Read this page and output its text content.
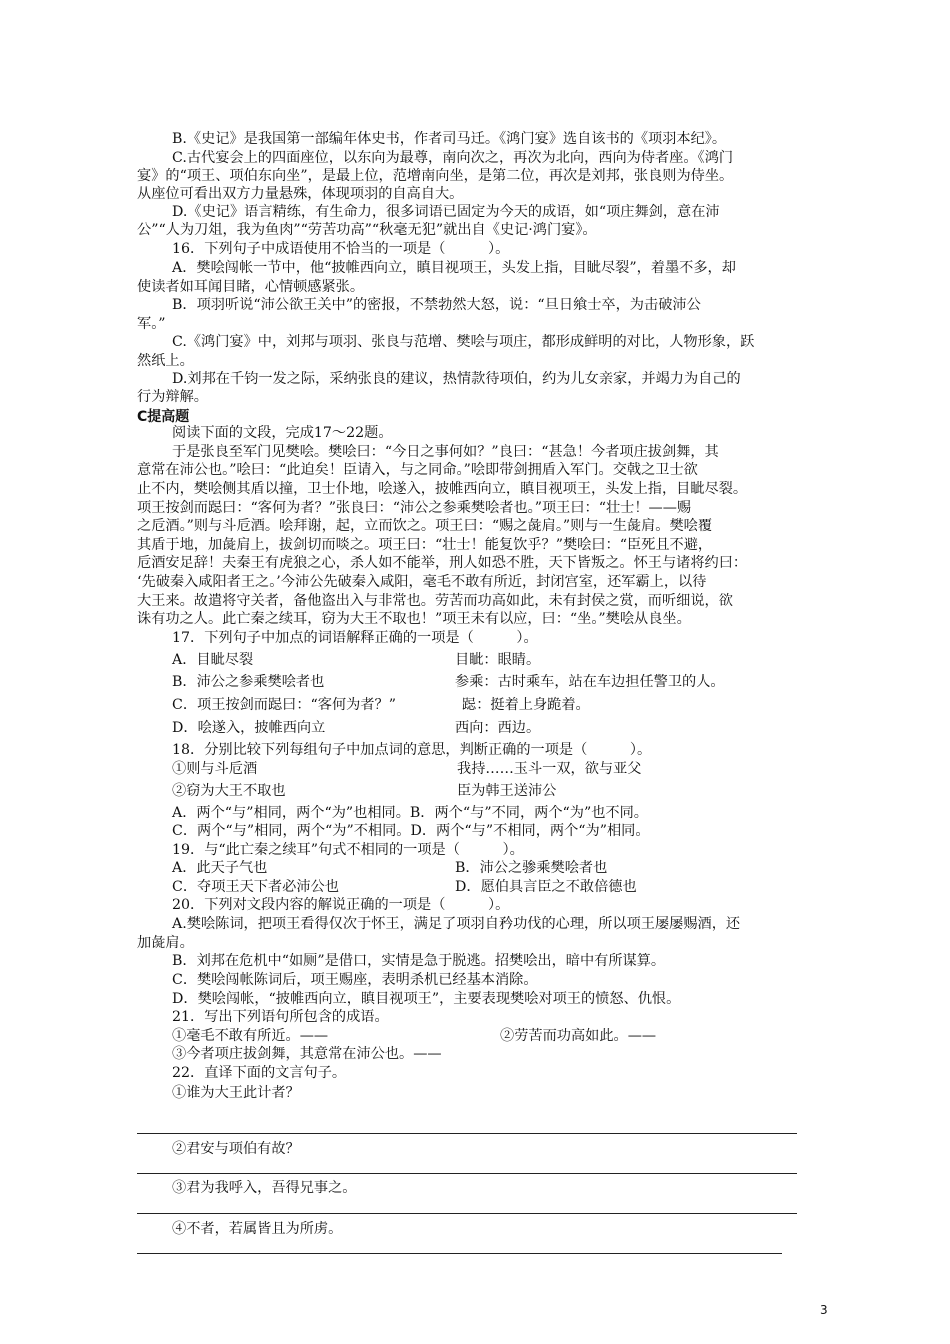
B.《史记》是我国第一部编年体史书，作者司马迁。《鸿门宴》选自该书的《项羽本纪》。
C.古代宴会上的四面座位，以东向为最尊，南向次之，再次为北向，西向为侍者座。《鸿门
宴》的“项王、项伯东向坐”，是最上位，范增南向坐，是第二位，再次是刘邦，张良则为侍坐。
从座位可看出双方力量悬殊，体现项羽的自高自大。
D.《史记》语言精练，有生命力，很多词语已固定为今天的成语，如“项庄舞剑，意在沛
公”“人为刀俎，我为鱼肉”“劳苦功高”“秋毫无犯”就出自《史记·鸿门宴》。
16．下列句子中成语使用不恰当的一项是（　　　）。
A．樊哙闯帐一节中，他“披帷西向立，瞋目视项王，头发上指，目眦尽裂”，着墨不多，却
使读者如耳闻目睹，心情顿感紧张。
B．项羽听说“沛公欲王关中”的密报，不禁勃然大怒，说：“旦日飨士卒，为击破沛公
军。”
C.《鸿门宴》中，刘邦与项羽、张良与范增、樊哙与项庄，都形成鲜明的对比，人物形象，跃
然纸上。
D.刘邦在千钧一发之际，采纳张良的建议，热情款待项伯，约为儿女亲家，并竭力为自己的
行为辩解。
C提高题
阅读下面的文段，完成17～22题。
于是张良至军门见樊哙。樊哙曰：“今日之事何如？”良曰：“甚急！今者项庄拔剑舞，其
意常在沛公也。”哙曰：“此迫矣！臣请入，与之同命。”哙即带剑拥盾入军门。交戟之卫士欲
止不内，樊哙侧其盾以撞，卫士仆地，哙遂入，披帷西向立，瞋目视项王，头发上指，目眦尽裂。
项王按剑而跽曰：“客何为者？”张良曰：“沛公之参乘樊哙者也。”项王曰：“壮士！——赐
之卮酒。”则与斗卮酒。哙拜谢，起，立而饮之。项王曰：“赐之彘肩。”则与一生彘肩。樊哙覆
其盾于地，加彘肩上，拔剑切而啖之。项王曰：“壮士！能复饮乎？”樊哙曰：“臣死且不避，
卮酒安足辞！夫秦王有虎狼之心，杀人如不能举，刑人如恐不胜，天下皆叛之。怀王与诸将约曰：
‘先破秦入咸阳者王之。’今沛公先破秦入咸阳，毫毛不敢有所近，封闭宫室，还军霸上，以待
大王来。故遣将守关者，备他盗出入与非常也。劳苦而功高如此，未有封侯之赏，而听细说，欲
诛有功之人。此亡秦之续耳，窃为大王不取也！”项王未有以应，曰：“坐。”樊哙从良坐。
17．下列句子中加点的词语解释正确的一项是（　　　）。
A．目眦尽裂	目眦：眼睛。
B．沛公之参乘樊哙者也	参乘：古时乘车，站在车边担任警卫的人。
C．项王按剑而跽曰：“客何为者？”	跽：挺着上身跪着。
D．哙遂入，披帷西向立	西向：西边。
18．分别比较下列每组句子中加点词的意思，判断正确的一项是（　　　）。
①则与斗卮酒	我持……玉斗一双，欲与亚父
②窃为大王不取也	臣为韩王送沛公
A．两个“与”相同，两个“为”也相同。B．两个“与”不同，两个“为”也不同。
C．两个“与”相同，两个“为”不相同。D．两个“与”不相同，两个“为”相同。
19．与“此亡秦之续耳”句式不相同的一项是（　　　）。
A．此天子气也	B．沛公之骖乘樊哙者也
C．夺项王天下者必沛公也	D．愿伯具言臣之不敢倍德也
20．下列对文段内容的解说正确的一项是（　　　）。
A.樊哙陈词，把项王看得仅次于怀王，满足了项羽自矜功伐的心理，所以项王屡屡赐酒，还
加彘肩。
B．刘邦在危机中“如厕”是借口，实情是急于脱逃。招樊哙出，暗中有所谋算。
C．樊哙闯帐陈词后，项王赐座，表明杀机已经基本消除。
D．樊哙闯帐，“披帷西向立，瞋目视项王”，主要表现樊哙对项王的愤怒、仇恨。
21．写出下列语句所包含的成语。
①毫毛不敢有所近。——	②劳苦而功高如此。——
③今者项庄拔剑舞，其意常在沛公也。——
22．直译下面的文言句子。
①谁为大王此计者？
②君安与项伯有故？
③君为我呼入，吾得兄事之。
④不者，若属皆且为所虏。
3
